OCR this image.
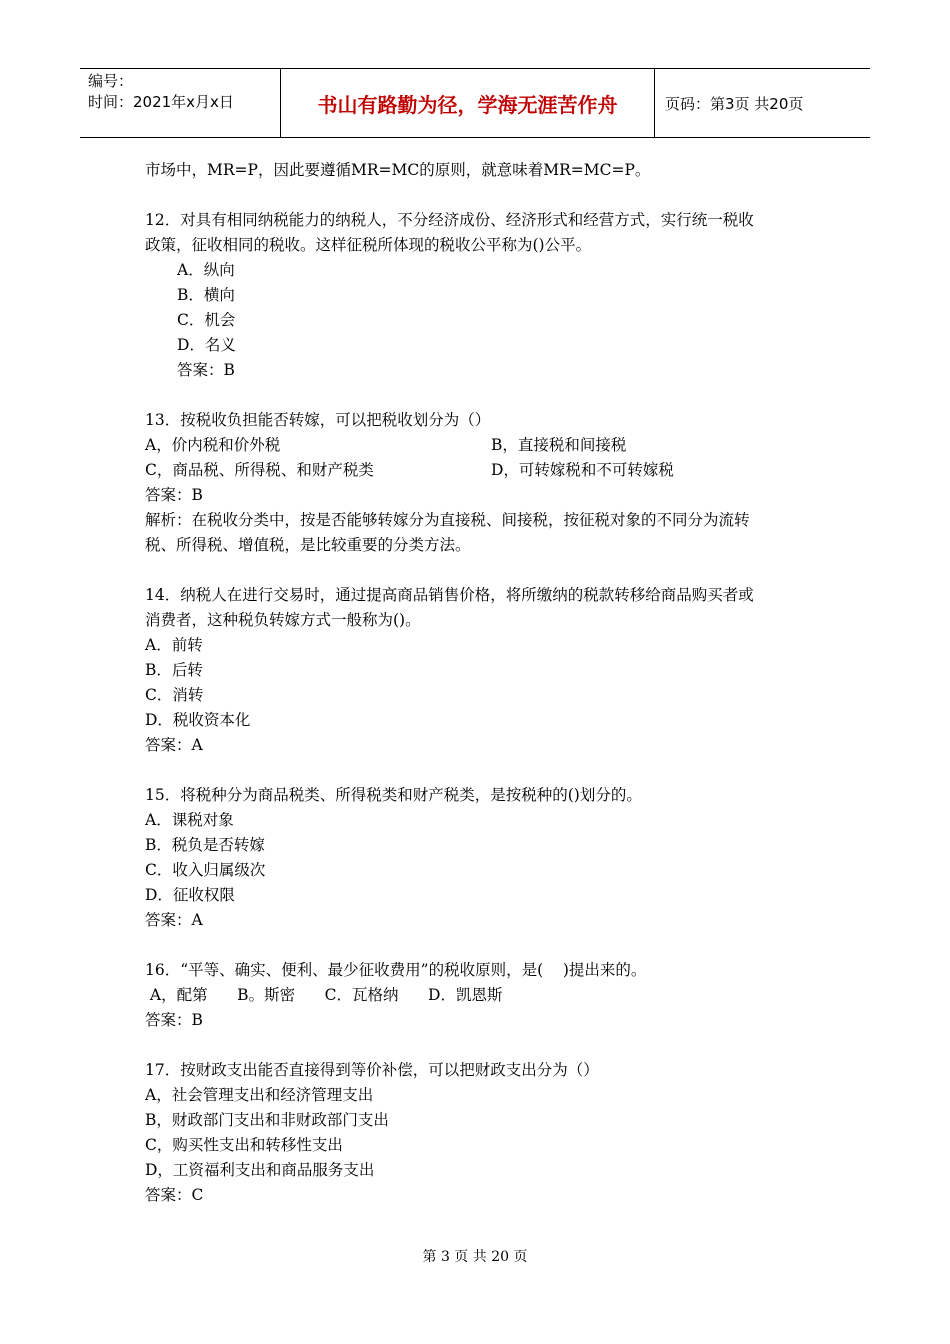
编号：
时间：2021年x月x日	书山有路勤为径，学海无涯苦作舟	页码：第3页 共20页
市场中，MR=P，因此要遵循MR=MC的原则，就意味着MR=MC=P。
12．对具有相同纳税能力的纳税人，不分经济成份、经济形式和经营方式，实行统一税收
政策，征收相同的税收。这样征税所体现的税收公平称为()公平。
A．纵向
B．横向
C．机会
D．名义
答案：B
13．按税收负担能否转嫁，可以把税收划分为（）
A，价内税和价外税	B，直接税和间接税
C，商品税、所得税、和财产税类	D，可转嫁税和不可转嫁税
答案：B
解析：在税收分类中，按是否能够转嫁分为直接税、间接税，按征税对象的不同分为流转
税、所得税、增值税，是比较重要的分类方法。
14．纳税人在进行交易时，通过提高商品销售价格，将所缴纳的税款转移给商品购买者或
消费者，这种税负转嫁方式一般称为()。
A．前转
B．后转
C．消转
D．税收资本化
答案：A
15．将税种分为商品税类、所得税类和财产税类，是按税种的()划分的。
A．课税对象
B．税负是否转嫁
C．收入归属级次
D．征收权限
答案：A
16．“平等、确实、便利、最少征收费用”的税收原则，是(    )提出来的。
A，配第      B。斯密      C．瓦格纳      D．凯恩斯
答案：B
17．按财政支出能否直接得到等价补偿，可以把财政支出分为（）
A，社会管理支出和经济管理支出
B，财政部门支出和非财政部门支出
C，购买性支出和转移性支出
D，工资福利支出和商品服务支出
答案：C
第 3 页 共 20 页
